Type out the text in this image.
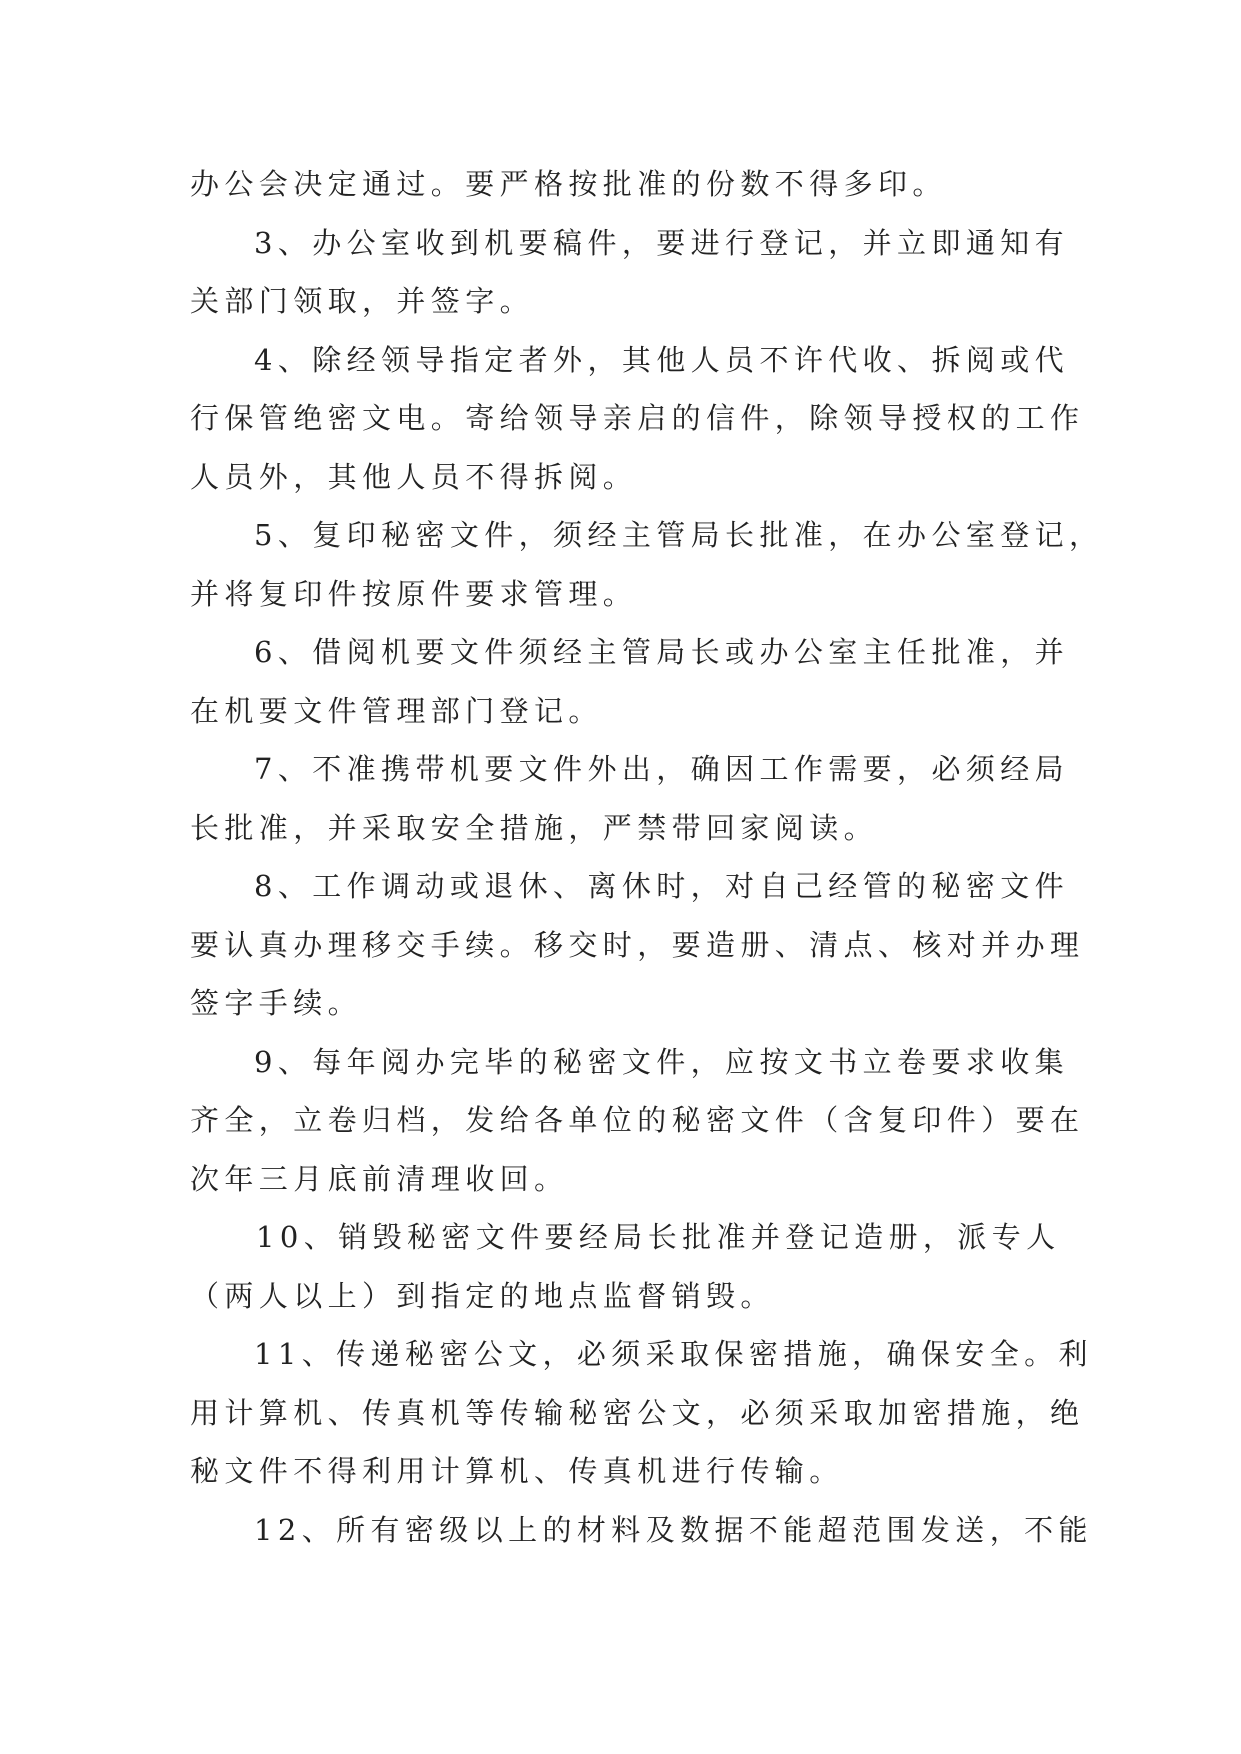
办公会决定通过。要严格按批准的份数不得多印。
3、办公室收到机要稿件，要进行登记，并立即通知有
关部门领取，并签字。
4、除经领导指定者外，其他人员不许代收、拆阅或代
行保管绝密文电。寄给领导亲启的信件，除领导授权的工作
人员外，其他人员不得拆阅。
5、复印秘密文件，须经主管局长批准，在办公室登记，
并将复印件按原件要求管理。
6、借阅机要文件须经主管局长或办公室主任批准，并
在机要文件管理部门登记。
7、不准携带机要文件外出，确因工作需要，必须经局
长批准，并采取安全措施，严禁带回家阅读。
8、工作调动或退休、离休时，对自己经管的秘密文件
要认真办理移交手续。移交时，要造册、清点、核对并办理
签字手续。
9、每年阅办完毕的秘密文件，应按文书立卷要求收集
齐全，立卷归档，发给各单位的秘密文件（含复印件）要在
次年三月底前清理收回。
10、销毁秘密文件要经局长批准并登记造册，派专人
（两人以上）到指定的地点监督销毁。
11、传递秘密公文，必须采取保密措施，确保安全。利
用计算机、传真机等传输秘密公文，必须采取加密措施，绝
秘文件不得利用计算机、传真机进行传输。
12、所有密级以上的材料及数据不能超范围发送，不能
